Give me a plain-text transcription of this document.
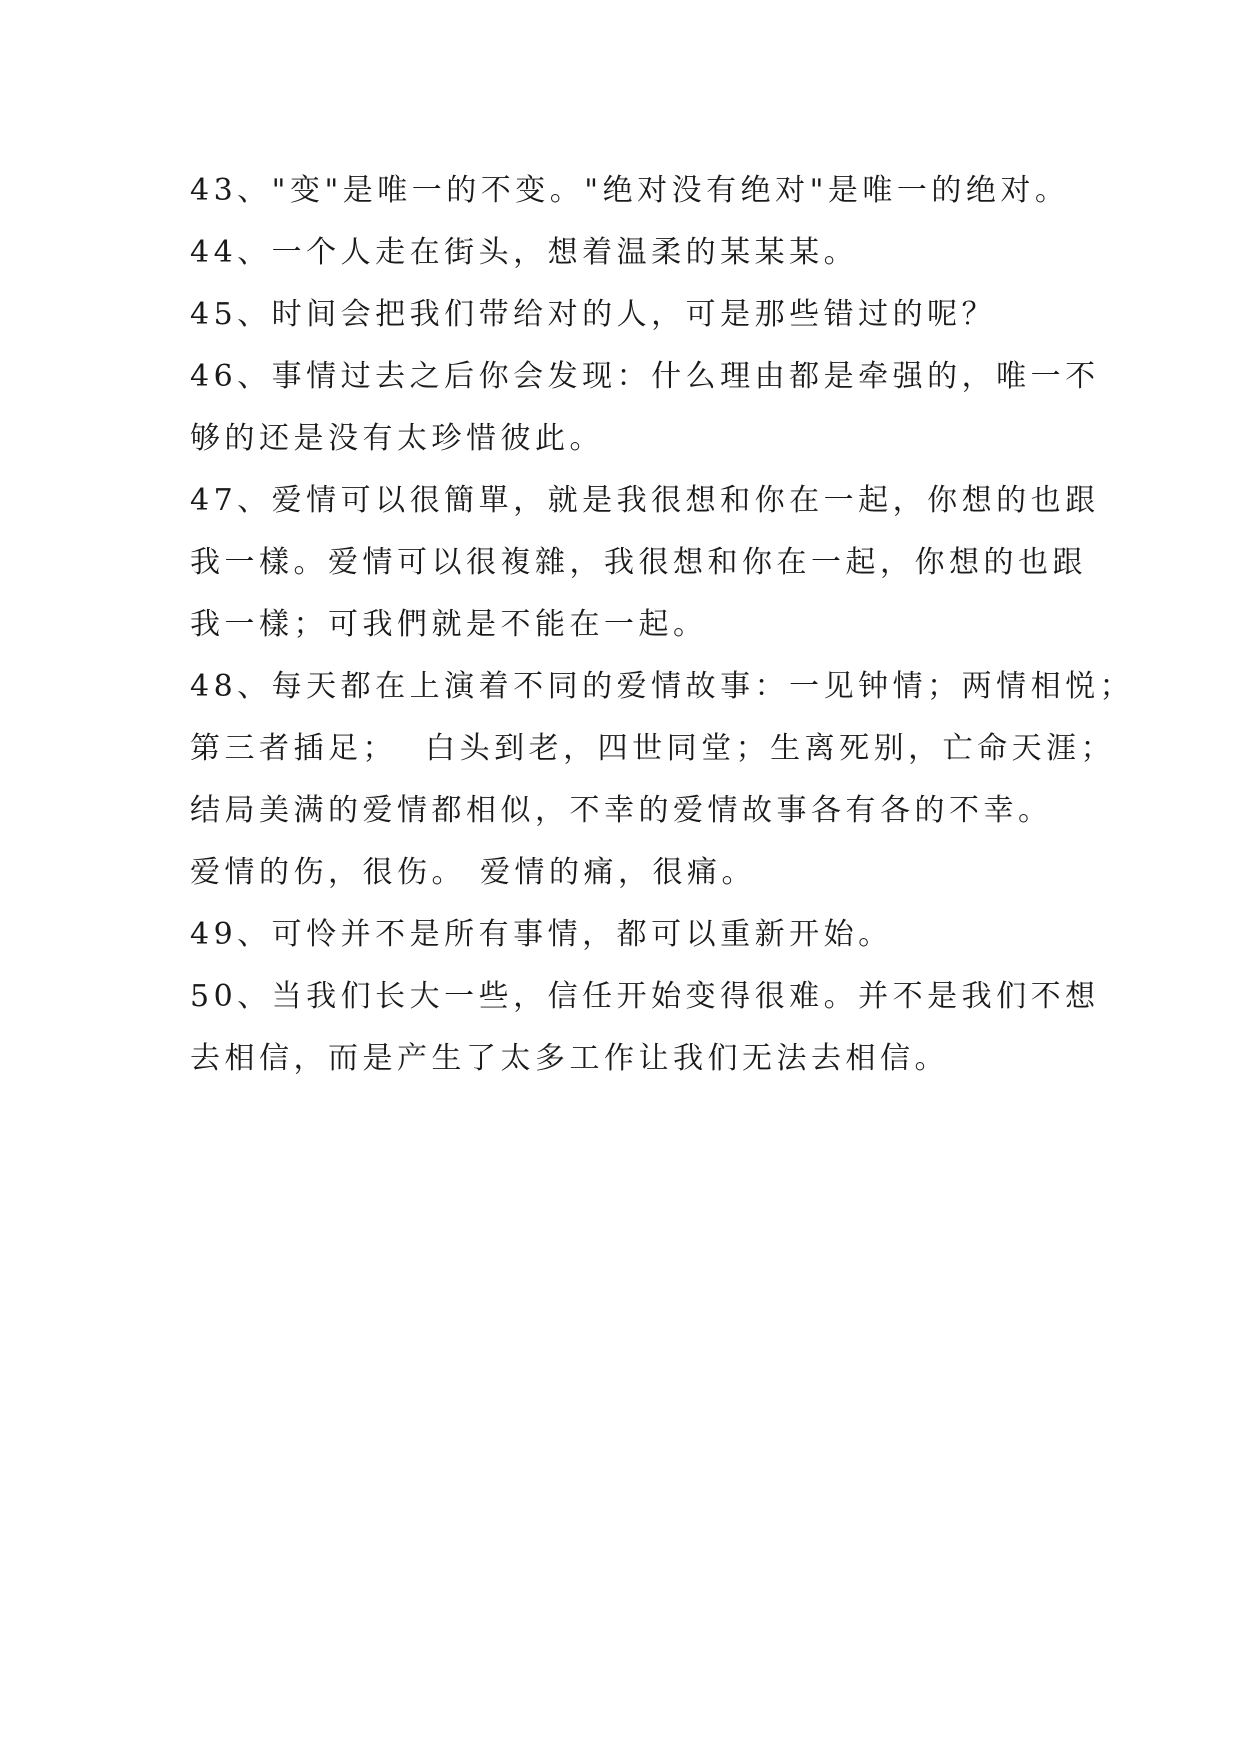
43、"变"是唯一的不变。"绝对没有绝对"是唯一的绝对。
44、一个人走在街头，想着温柔的某某某。
45、时间会把我们带给对的人，可是那些错过的呢？
46、事情过去之后你会发现：什么理由都是牵强的，唯一不
够的还是没有太珍惜彼此。
47、爱情可以很簡單，就是我很想和你在一起，你想的也跟
我一樣。爱情可以很複雜，我很想和你在一起，你想的也跟
我一樣；可我們就是不能在一起。
48、每天都在上演着不同的爱情故事：一见钟情；两情相悦；
第三者插足；  白头到老，四世同堂；生离死别，亡命天涯；
结局美满的爱情都相似，不幸的爱情故事各有各的不幸。
爱情的伤，很伤。 爱情的痛，很痛。
49、可怜并不是所有事情，都可以重新开始。
50、当我们长大一些，信任开始变得很难。并不是我们不想
去相信，而是产生了太多工作让我们无法去相信。
